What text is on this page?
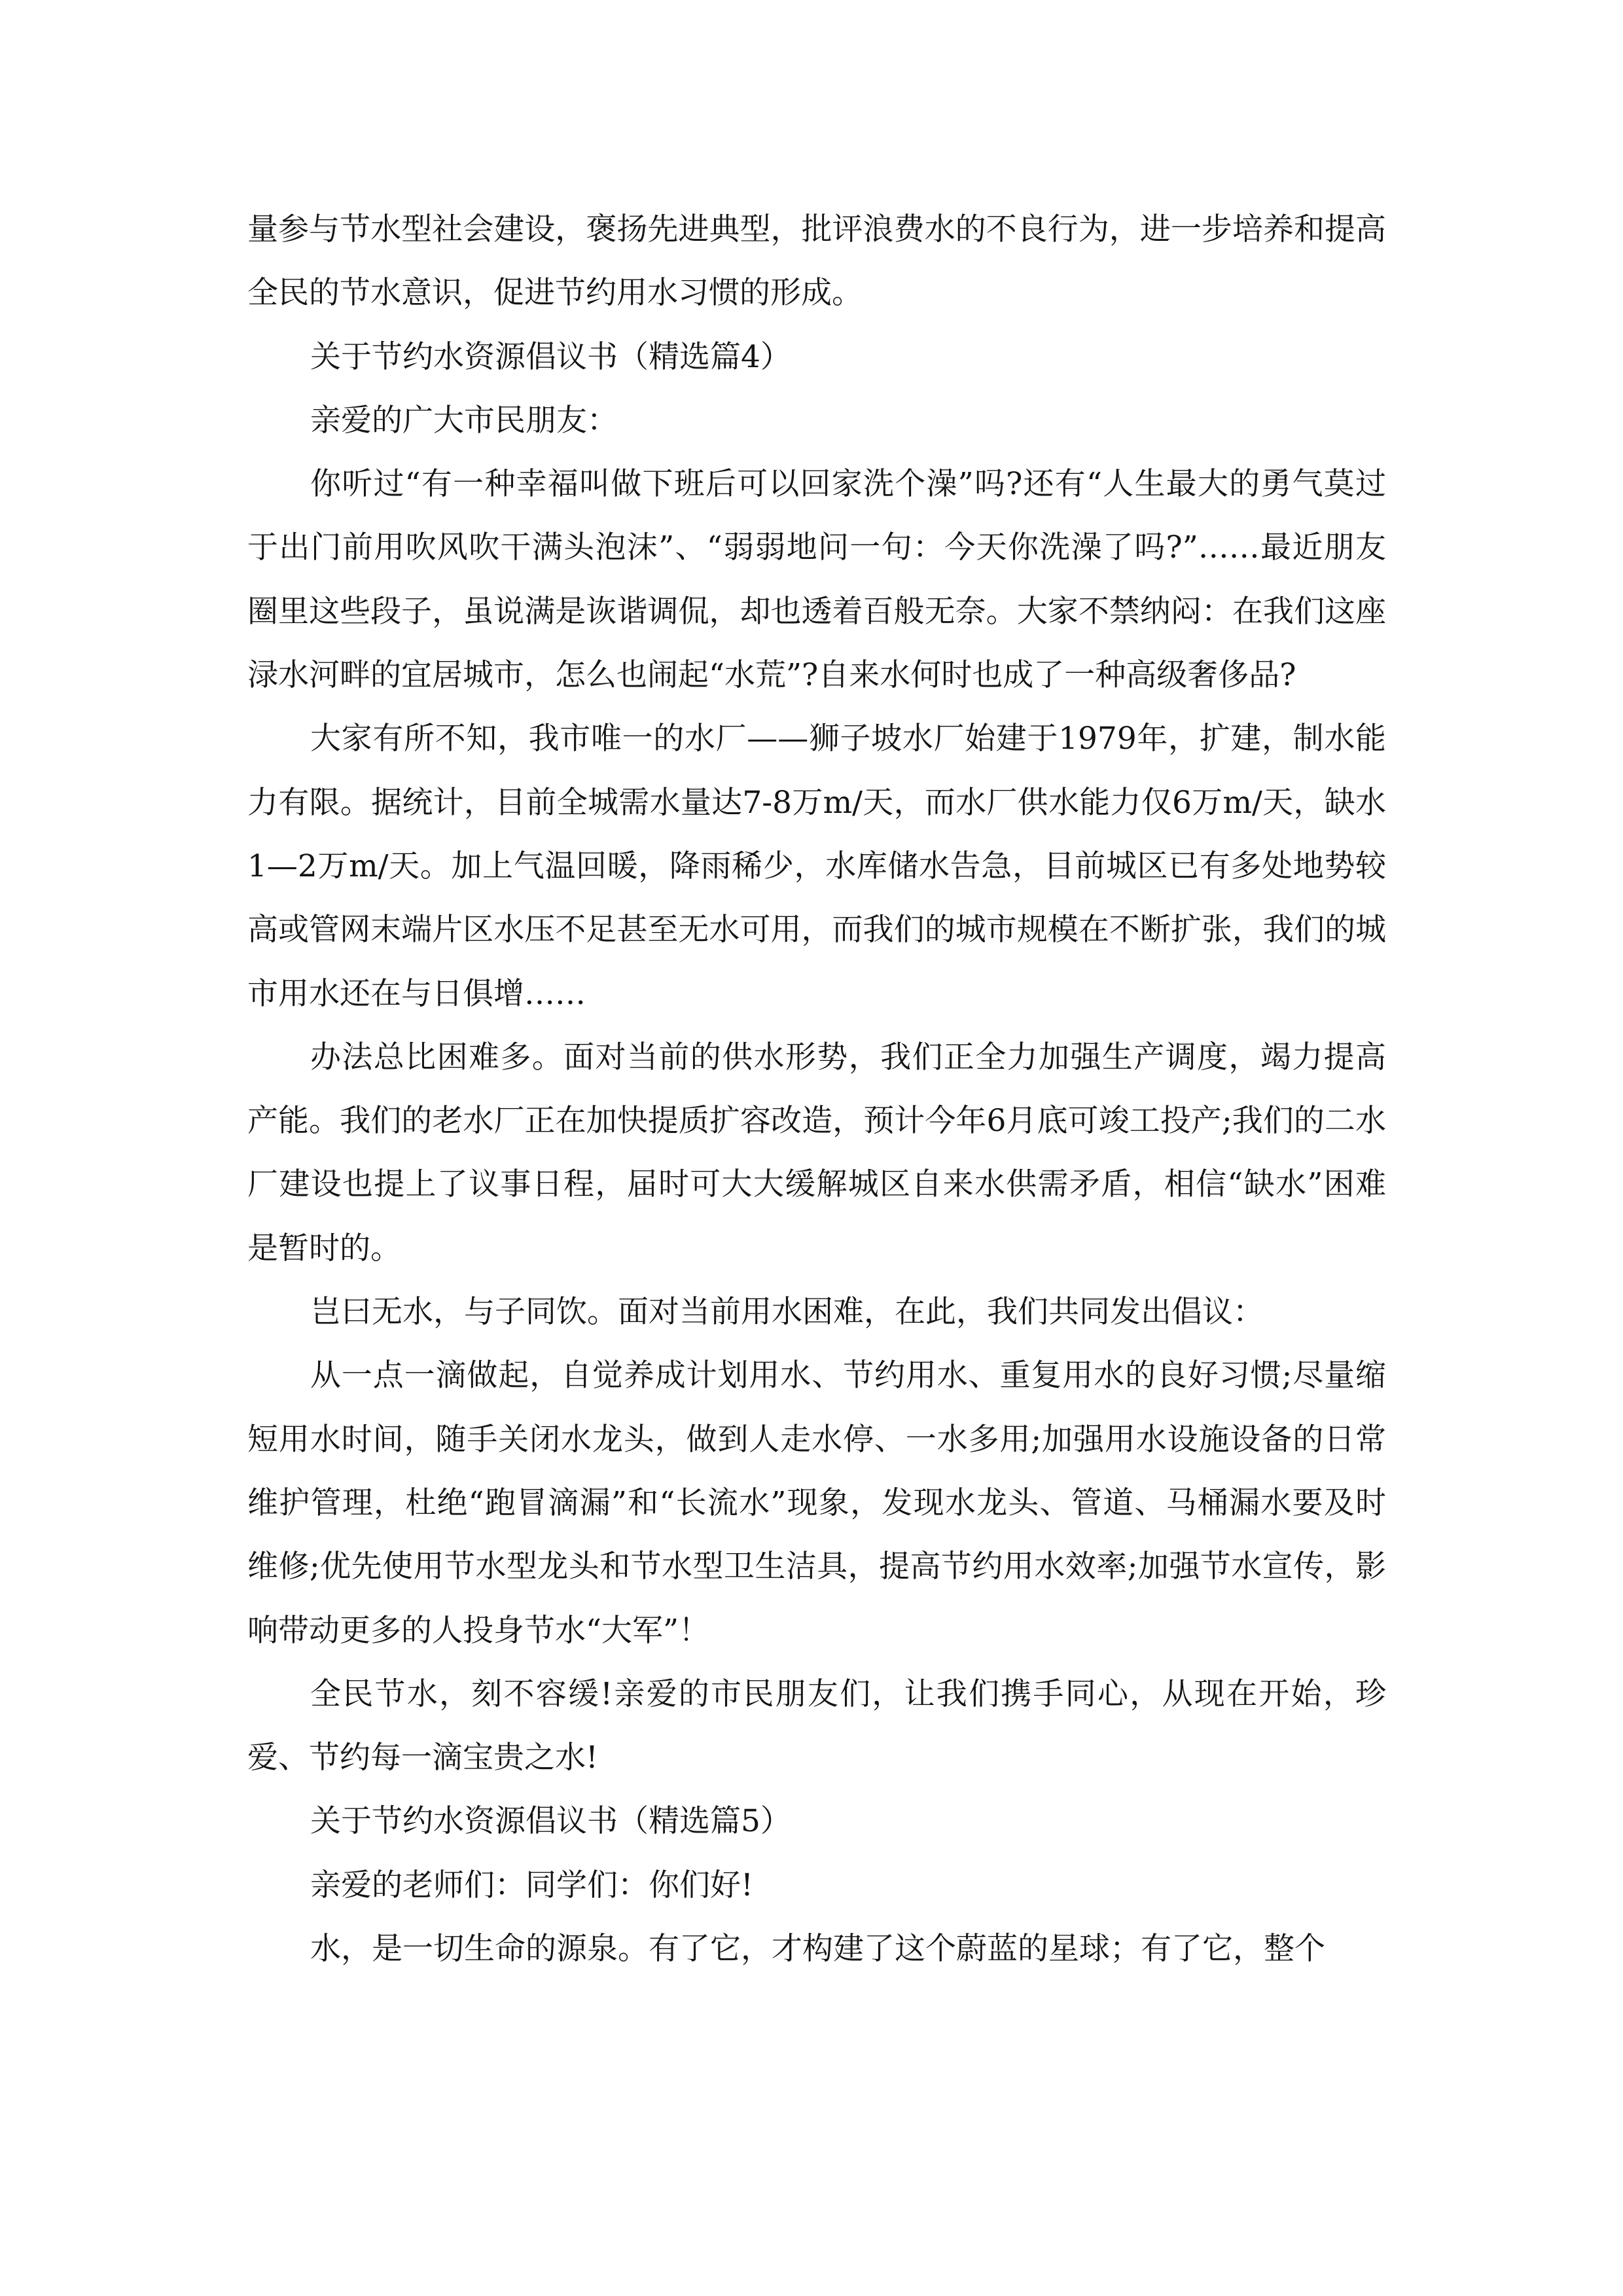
量参与节水型社会建设，褒扬先进典型，批评浪费水的不良行为，进一步培养和提高全民的节水意识，促进节约用水习惯的形成。

关于节约水资源倡议书（精选篇4）

亲爱的广大市民朋友：

你听过“有一种幸福叫做下班后可以回家洗个澡”吗?还有“人生最大的勇气莫过于出门前用吹风吹干满头泡沫”、“弱弱地问一句：今天你洗澡了吗?”……最近朋友圈里这些段子，虽说满是诙谐调侃，却也透着百般无奈。大家不禁纳闷：在我们这座渌水河畔的宜居城市，怎么也闹起“水荒”?自来水何时也成了一种高级奢侈品?

大家有所不知，我市唯一的水厂——狮子坡水厂始建于1979年，扩建，制水能力有限。据统计，目前全城需水量达7-8万m/天，而水厂供水能力仅6万m/天，缺水1—2万m/天。加上气温回暖，降雨稀少，水库储水告急，目前城区已有多处地势较高或管网末端片区水压不足甚至无水可用，而我们的城市规模在不断扩张，我们的城市用水还在与日俱增……

办法总比困难多。面对当前的供水形势，我们正全力加强生产调度，竭力提高产能。我们的老水厂正在加快提质扩容改造，预计今年6月底可竣工投产;我们的二水厂建设也提上了议事日程，届时可大大缓解城区自来水供需矛盾，相信“缺水”困难是暂时的。

岂曰无水，与子同饮。面对当前用水困难，在此，我们共同发出倡议：

从一点一滴做起，自觉养成计划用水、节约用水、重复用水的良好习惯;尽量缩短用水时间，随手关闭水龙头，做到人走水停、一水多用;加强用水设施设备的日常维护管理，杜绝“跑冒滴漏”和“长流水”现象，发现水龙头、管道、马桶漏水要及时维修;优先使用节水型龙头和节水型卫生洁具，提高节约用水效率;加强节水宣传，影响带动更多的人投身节水“大军”！

全民节水，刻不容缓!亲爱的市民朋友们，让我们携手同心，从现在开始，珍爱、节约每一滴宝贵之水!

关于节约水资源倡议书（精选篇5）

亲爱的老师们：同学们：你们好!

水，是一切生命的源泉。有了它，才构建了这个蔚蓝的星球；有了它，整个
